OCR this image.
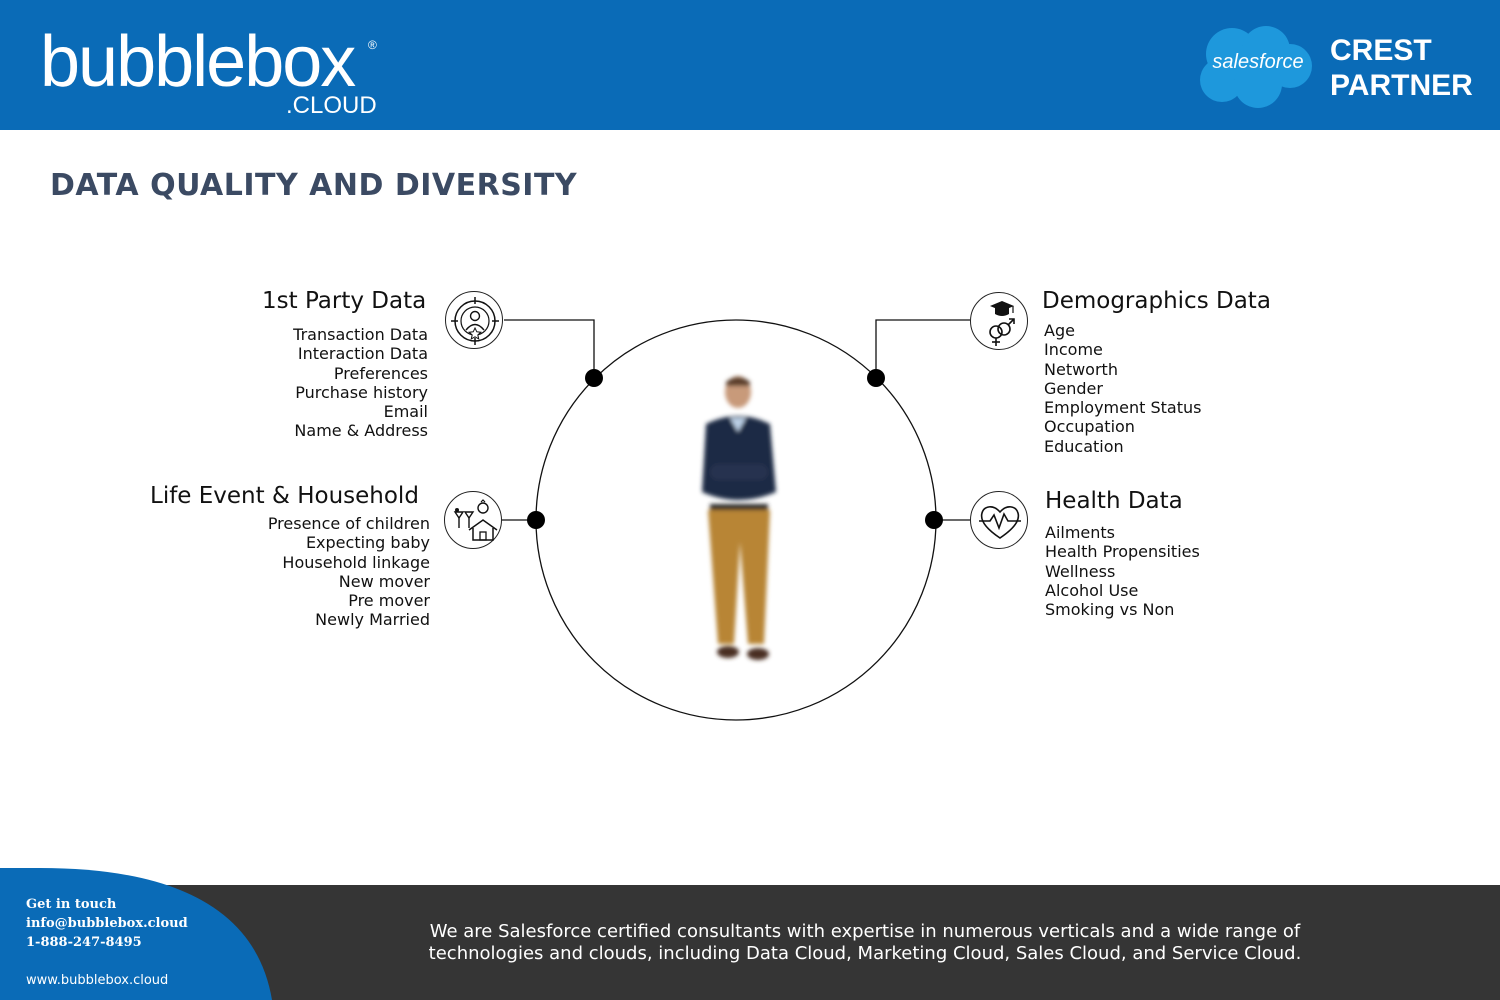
bubblebox ®
.CLOUD
salesforce CREST
PARTNER
DATA QUALITY AND DIVERSITY
1st Party Data
Transaction Data
Interaction Data
Preferences
Purchase history
Email
Name & Address
Life Event & Household
Presence of children
Expecting baby
Household linkage
New mover
Pre mover
Newly Married
Demographics Data
Age
Income
Networth
Gender
Employment Status
Occupation
Education
Health Data
Ailments
Health Propensities
Wellness
Alcohol Use
Smoking vs Non
Get in touch
info@bubblebox.cloud
1-888-247-8495
www.bubblebox.cloud
We are Salesforce certified consultants with expertise in numerous verticals and a wide range of
technologies and clouds, including Data Cloud, Marketing Cloud, Sales Cloud, and Service Cloud.
